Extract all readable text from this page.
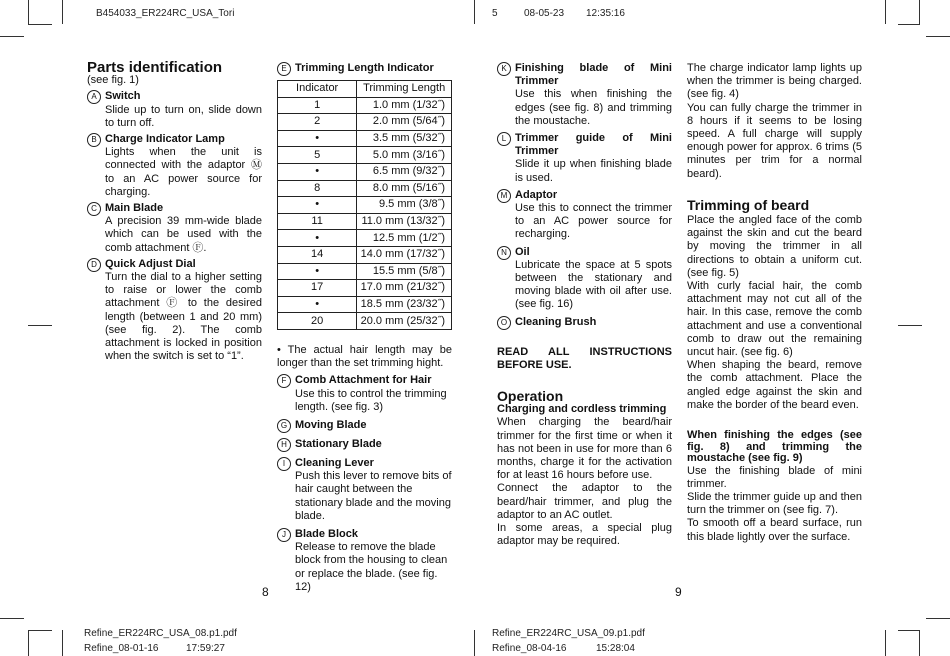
B454033_ER224RC_USA_Tori	5	08-05-23 12:35:16
Refine_ER224RC_USA_08.p1.pdf
Refine_08-01-16	17:59:27
Refine_ER224RC_USA_09.p1.pdf
Refine_08-04-16	15:28:04
8	9

Parts identification

(see fig. 1)

A Switch
Slide up to turn on, slide down to turn off.
B Charge Indicator Lamp
Lights when the unit is connected with the adaptor Ⓜ to an AC power source for charging.
C Main Blade
A precision 39 mm-wide blade which can be used with the comb attachment Ⓕ.
D Quick Adjust Dial
Turn the dial to a higher setting to raise or lower the comb attachment Ⓕ to the desired length (between 1 and 20 mm) (see fig. 2). The comb attachment is locked in position when the switch is set to “1”.
E Trimming Length Indicator
Indicator	Trimming Length
1	1.0 mm (1/32˝)
2	2.0 mm (5/64˝)
•	3.5 mm (5/32˝)
5	5.0 mm (3/16˝)
•	6.5 mm (9/32˝)
8	8.0 mm (5/16˝)
•	9.5 mm (3/8˝)
11	11.0 mm (13/32˝)
•	12.5 mm (1/2˝)
14	14.0 mm (17/32˝)
•	15.5 mm (5/8˝)
17	17.0 mm (21/32˝)
•	18.5 mm (23/32˝)
20	20.0 mm (25/32˝)

• The actual hair length may be longer than the set trimming hight.

F Comb Attachment for Hair
Use this to control the trimming length. (see fig. 3)
G Moving Blade
H Stationary Blade
I Cleaning Lever
Push this lever to remove bits of hair caught between the stationary blade and the moving blade.
J Blade Block
Release to remove the blade block from the housing to clean or replace the blade. (see fig. 12)
K Finishing blade of Mini Trimmer
Use this when finishing the edges (see fig. 8) and trimming the moustache.
L Trimmer guide of Mini Trimmer
Slide it up when finishing blade is used.
M Adaptor
Use this to connect the trimmer to an AC power source for recharging.
N Oil
Lubricate the space at 5 spots between the stationary and moving blade with oil after use. (see fig. 16)
O Cleaning Brush

READ ALL INSTRUCTIONS BEFORE USE.

Operation

Charging and cordless trimming

When charging the beard/hair trimmer for the first time or when it has not been in use for more than 6 months, charge it for the activation for at least 16 hours before use.

Connect the adaptor to the beard/hair trimmer, and plug the adaptor to an AC outlet.

In some areas, a special plug adaptor may be required.

The charge indicator lamp lights up when the trimmer is being charged. (see fig. 4)

You can fully charge the trimmer in 8 hours if it seems to be losing speed. A full charge will supply enough power for approx. 6 trims (5 minutes per trim for a normal beard).

Trimming of beard

Place the angled face of the comb against the skin and cut the beard by moving the trimmer in all directions to obtain a uniform cut. (see fig. 5)

With curly facial hair, the comb attachment may not cut all of the hair. In this case, remove the comb attachment and use a conventional comb to draw out the remaining uncut hair. (see fig. 6)

When shaping the beard, remove the comb attachment. Place the angled edge against the skin and make the border of the beard even.

When finishing the edges (see fig. 8) and trimming the moustache (see fig. 9)

Use the finishing blade of mini trimmer.

Slide the trimmer guide up and then turn the trimmer on (see fig. 7).

To smooth off a beard surface, run this blade lightly over the surface.
